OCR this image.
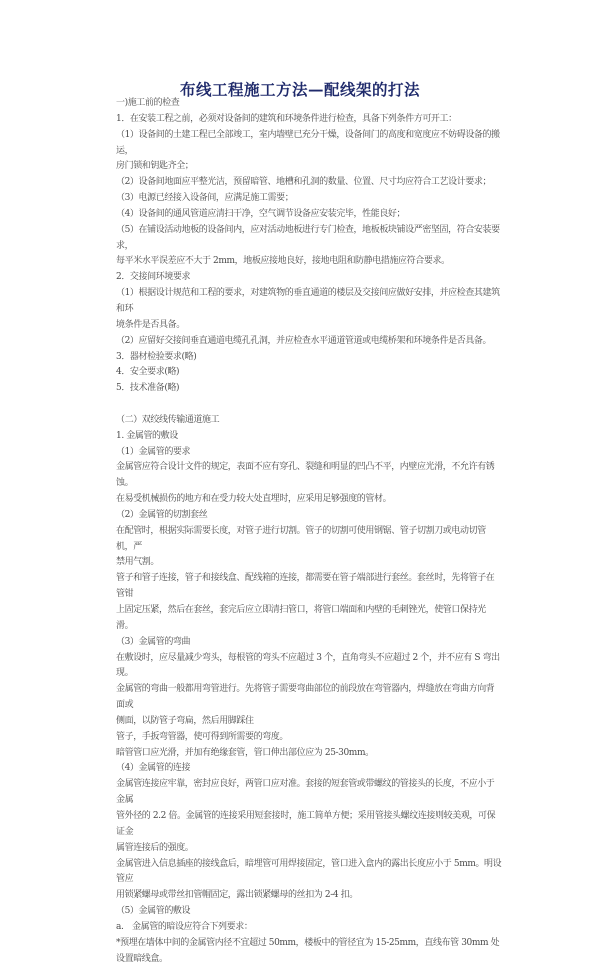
布线工程施工方法—配线架的打法
一)施工前的检查
1．在安装工程之前，必须对设备间的建筑和环境条件进行检查，具备下列条件方可开工：
（1）设备间的土建工程已全部竣工，室内墙壁已充分干燥，设备间门的高度和宽度应不妨碍设备的搬运，
房门锁和钥匙齐全；
（2）设备间地面应平整光洁，预留暗管、地槽和孔洞的数量、位置、尺寸均应符合工艺设计要求；
（3）电源已经接入设备间，应满足施工需要；
（4）设备间的通风管道应清扫干净，空气调节设备应安装完毕，性能良好；
（5）在铺设活动地板的设备间内，应对活动地板进行专门检查，地板板块铺设严密坚固，符合安装要求，
每平米水平误差应不大于 2mm，地板应接地良好，接地电阻和防静电措施应符合要求。
2．交接间环境要求
（1）根据设计规范和工程的要求，对建筑物的垂直通道的楼层及交接间应做好安排，并应检查其建筑和环
境条件是否具备。
（2）应留好交接间垂直通道电缆孔孔洞，并应检查水平通道管道或电缆桥架和环境条件是否具备。
3．器材检验要求(略)
4．安全要求(略)
5．技术准备(略)
（二）双绞线传输通道施工
1. 金属管的敷设
（1）金属管的要求
金属管应符合设计文件的规定，表面不应有穿孔、裂缝和明显的凹凸不平，内壁应光滑，不允许有锈蚀。
在易受机械损伤的地方和在受力较大处直埋时，应采用足够强度的管材。
（2）金属管的切割套丝
在配管时，根据实际需要长度，对管子进行切割。管子的切割可使用钢锯、管子切割刀或电动切管机，严
禁用气割。
管子和管子连接，管子和接线盒、配线箱的连接，都需要在管子端部进行套丝。套丝时，先将管子在管钳
上固定压紧，然后在套丝，套完后应立即清扫管口，将管口端面和内壁的毛刺锉光，使管口保持光滑。
（3）金属管的弯曲
在敷设时，应尽量减少弯头，每根管的弯头不应超过 3 个，直角弯头不应超过 2 个，并不应有 S 弯出现。
金属管的弯曲一般都用弯管进行。先将管子需要弯曲部位的前段放在弯管器内，焊缝放在弯曲方向背面或
侧面，以防管子弯扁，然后用脚踩住
管子，手扳弯管器，使可得到所需要的弯度。
暗管管口应光滑，并加有绝缘套管，管口伸出部位应为 25-30mm。
（4）金属管的连接
金属管连接应牢靠，密封应良好，两管口应对准。套接的短套管或带螺纹的管接头的长度，不应小于金属
管外径的 2.2 倍。金属管的连接采用短套接时，施工简单方便；采用管接头螺纹连接则较美观，可保证金
属管连接后的强度。
金属管进入信息插座的接线盒后，暗埋管可用焊接固定，管口进入盒内的露出长度应小于 5mm。明设管应
用锁紧螺母或带丝扣管帽固定，露出锁紧螺母的丝扣为 2-4 扣。
（5）金属管的敷设
a.　金属管的暗设应符合下列要求：
*预埋在墙体中间的金属管内径不宜超过 50mm，楼板中的管径宜为 15-25mm，直线布管 30mm 处设置暗线盒。
